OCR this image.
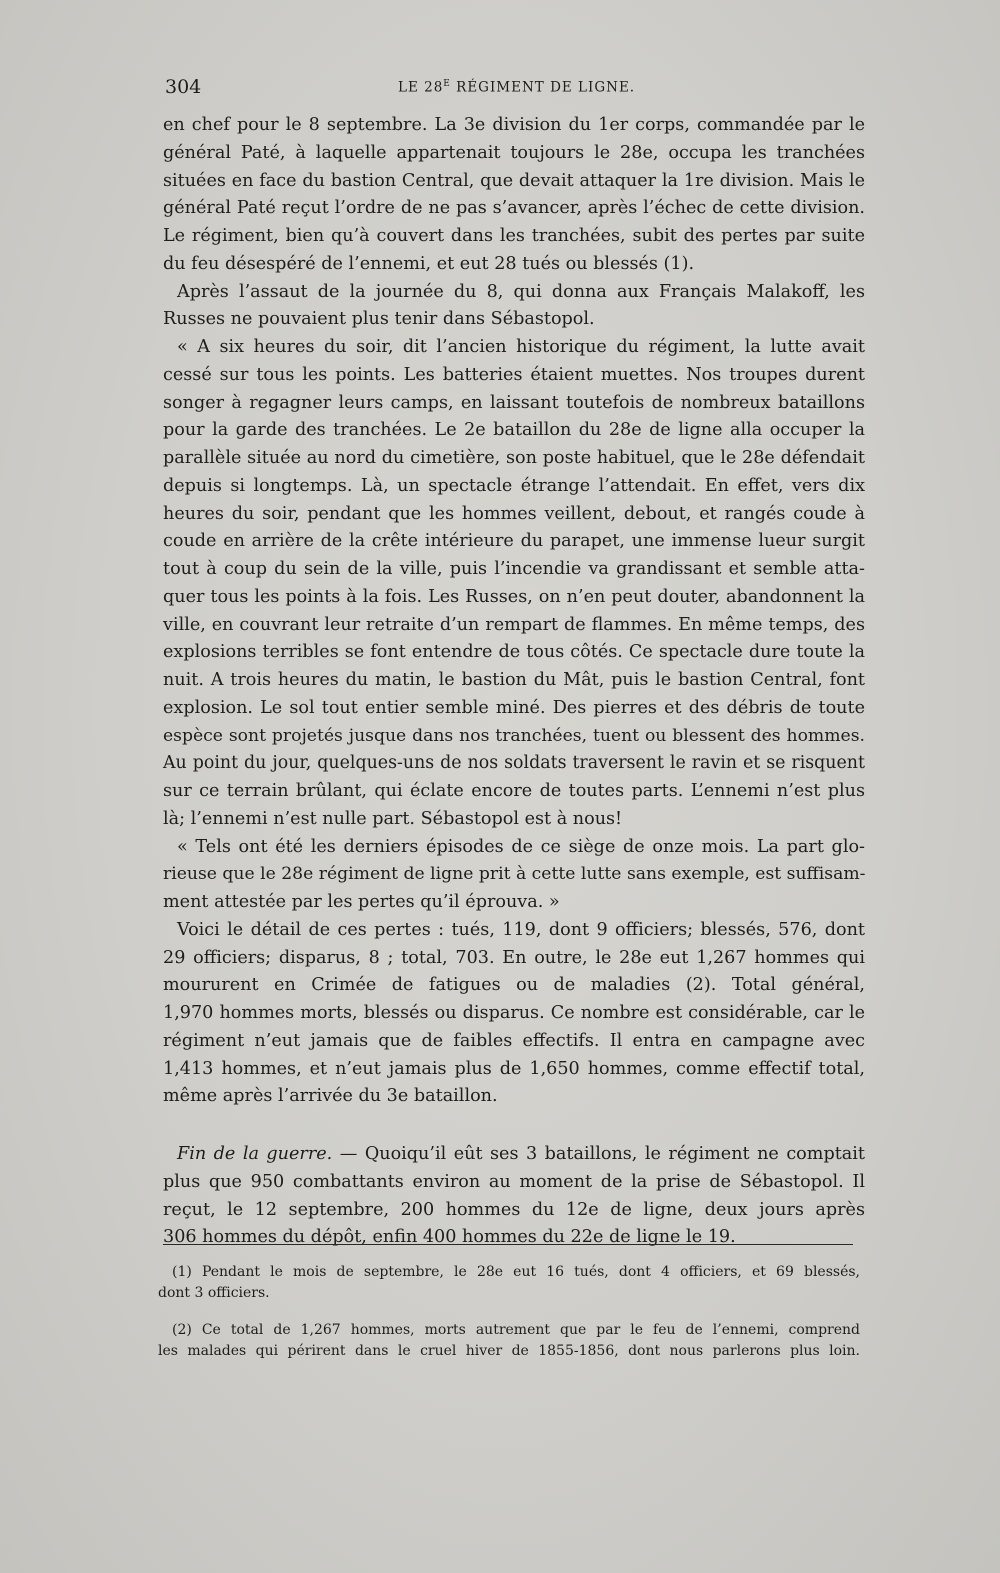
304	LE $28^E$ RÉGIMENT DE LIGNE.
en chef pour le 8 septembre. La 3e division du 1er corps, commandée par le
général Paté, à laquelle appartenait toujours le 28e, occupa les tranchées
situées en face du bastion Central, que devait attaquer la 1re division. Mais le
général Paté reçut l’ordre de ne pas s’avancer, après l’échec de cette division.
Le régiment, bien qu’à couvert dans les tranchées, subit des pertes par suite
du feu désespéré de l’ennemi, et eut 28 tués ou blessés (1).
Après l’assaut de la journée du 8, qui donna aux Français Malakoff, les
Russes ne pouvaient plus tenir dans Sébastopol.
« A six heures du soir, dit l’ancien historique du régiment, la lutte avait
cessé sur tous les points. Les batteries étaient muettes. Nos troupes durent
songer à regagner leurs camps, en laissant toutefois de nombreux bataillons
pour la garde des tranchées. Le 2e bataillon du 28e de ligne alla occuper la
parallèle située au nord du cimetière, son poste habituel, que le 28e défendait
depuis si longtemps. Là, un spectacle étrange l’attendait. En effet, vers dix
heures du soir, pendant que les hommes veillent, debout, et rangés coude à
coude en arrière de la crête intérieure du parapet, une immense lueur surgit
tout à coup du sein de la ville, puis l’incendie va grandissant et semble atta-
quer tous les points à la fois. Les Russes, on n’en peut douter, abandonnent la
ville, en couvrant leur retraite d’un rempart de flammes. En même temps, des
explosions terribles se font entendre de tous côtés. Ce spectacle dure toute la
nuit. A trois heures du matin, le bastion du Mât, puis le bastion Central, font
explosion. Le sol tout entier semble miné. Des pierres et des débris de toute
espèce sont projetés jusque dans nos tranchées, tuent ou blessent des hommes.
Au point du jour, quelques-uns de nos soldats traversent le ravin et se risquent
sur ce terrain brûlant, qui éclate encore de toutes parts. L’ennemi n’est plus
là; l’ennemi n’est nulle part. Sébastopol est à nous!
« Tels ont été les derniers épisodes de ce siège de onze mois. La part glo-
rieuse que le 28e régiment de ligne prit à cette lutte sans exemple, est suffisam-
ment attestée par les pertes qu’il éprouva. »
Voici le détail de ces pertes : tués, 119, dont 9 officiers; blessés, 576, dont
29 officiers; disparus, 8 ; total, 703. En outre, le 28e eut 1,267 hommes qui
moururent en Crimée de fatigues ou de maladies (2). Total général,
1,970 hommes morts, blessés ou disparus. Ce nombre est considérable, car le
régiment n’eut jamais que de faibles effectifs. Il entra en campagne avec
1,413 hommes, et n’eut jamais plus de 1,650 hommes, comme effectif total,
même après l’arrivée du 3e bataillon.
Fin de la guerre. — Quoiqu’il eût ses 3 bataillons, le régiment ne comptait
plus que 950 combattants environ au moment de la prise de Sébastopol. Il
reçut, le 12 septembre, 200 hommes du 12e de ligne, deux jours après
306 hommes du dépôt, enfin 400 hommes du 22e de ligne le 19.
(1) Pendant le mois de septembre, le 28e eut 16 tués, dont 4 officiers, et 69 blessés,
dont 3 officiers.
(2) Ce total de 1,267 hommes, morts autrement que par le feu de l’ennemi, comprend
les malades qui périrent dans le cruel hiver de 1855-1856, dont nous parlerons plus loin.
